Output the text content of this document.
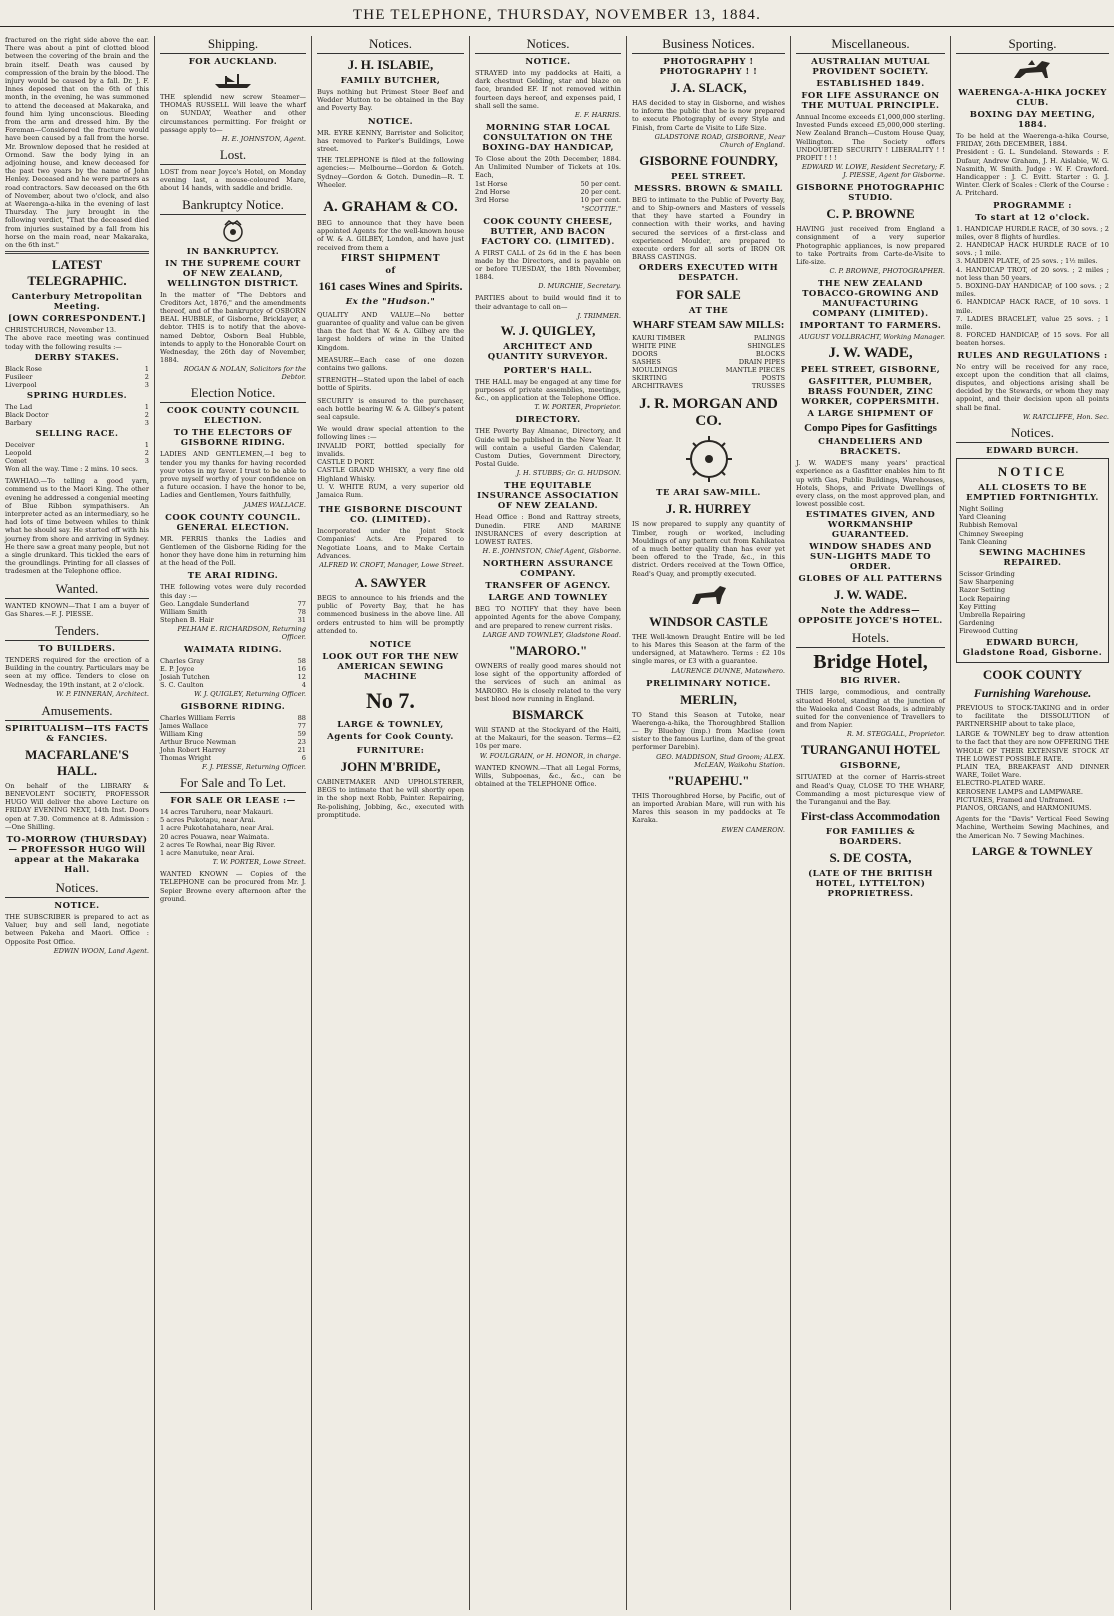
THE TELEPHONE, THURSDAY, NOVEMBER 13, 1884.

fractured on the right side above the ear. There was about a pint of clotted blood between the covering of the brain and the brain itself. Death was caused by compression of the brain by the blood. The injury would be caused by a fall. Dr. J. F. Innes deposed that on the 6th of this month, in the evening, he was summoned to attend the deceased at Makaraka, and found him lying unconscious. Bleeding from the arm and dressed him. By the Foreman—Considered the fracture would have been caused by a fall from the horse. Mr. Brownlow deposed that he resided at Ormond. Saw the body lying in an adjoining house, and knew deceased for the past two years by the name of John Henley. Deceased and he were partners as road contractors. Saw deceased on the 6th of November, about two o'clock, and also at Waerenga-a-hika in the evening of last Thursday. The jury brought in the following verdict, "That the deceased died from injuries sustained by a fall from his horse on the main road, near Makaraka, on the 6th inst."

LATEST TELEGRAPHIC.
Canterbury Metropolitan Meeting.
[OWN CORRESPONDENT.]

CHRISTCHURCH, November 13.

The above race meeting was continued today with the following results :—

DERBY STAKES.
Black Rose	1
Fusileer	2
Liverpool	3
SPRING HURDLES.
The Lad	1
Black Doctor	2
Barbary	3
SELLING RACE.
Deceiver	1
Leopold	2
Comet	3

Won all the way. Time : 2 mins. 10 secs.

TAWHIAO.—To telling a good yarn, commend us to the Maori King. The other evening he addressed a congenial meeting of Blue Ribbon sympathisers. An interpreter acted as an intermediary, so he had lots of time between whiles to think what he should say. He started off with his journey from shore and arriving in Sydney. He there saw a great many people, but not a single drunkard. This tickled the ears of the groundlings. Printing for all classes of tradesmen at the Telephone office.

Wanted.

WANTED KNOWN—That I am a buyer of Gas Shares.—F. J. PIESSE.

Tenders.
TO BUILDERS.

TENDERS required for the erection of a Building in the country. Particulars may be seen at my office. Tenders to close on Wednesday, the 19th instant, at 2 o'clock.

W. P. FINNERAN, Architect.
Amusements.
SPIRITUALISM—ITS FACTS & FANCIES.
MACFARLANE'S HALL.

On behalf of the LIBRARY & BENEVOLENT SOCIETY, PROFESSOR HUGO Will deliver the above Lecture on FRIDAY EVENING NEXT, 14th Inst. Doors open at 7.30. Commence at 8. Admission :—One Shilling.

TO-MORROW (THURSDAY)— PROFESSOR HUGO Will appear at the Makaraka Hall.
Notices.
NOTICE.

THE SUBSCRIBER is prepared to act as Valuer, buy and sell land, negotiate between Pakeha and Maori. Office : Opposite Post Office.

EDWIN WOON, Land Agent.
Shipping.
FOR AUCKLAND.

THE splendid new screw Steamer— THOMAS RUSSELL Will leave the wharf on SUNDAY, Weather and other circumstances permitting. For freight or passage apply to—

H. E. JOHNSTON, Agent.
Lost.

LOST from near Joyce's Hotel, on Monday evening last, a mouse-coloured Mare, about 14 hands, with saddle and bridle.

Bankruptcy Notice.
IN BANKRUPTCY.
IN THE SUPREME COURT OF NEW ZEALAND, WELLINGTON DISTRICT.

In the matter of "The Debtors and Creditors Act, 1876," and the amendments thereof, and of the bankruptcy of OSBORN BEAL HUBBLE, of Gisborne, Bricklayer, a debtor. THIS is to notify that the above-named Debtor, Osborn Beal Hubble, intends to apply to the Honorable Court on Wednesday, the 26th day of November, 1884.

ROGAN & NOLAN, Solicitors for the Debtor.
Election Notice.
COOK COUNTY COUNCIL ELECTION.
TO THE ELECTORS OF GISBORNE RIDING.

LADIES AND GENTLEMEN,—I beg to tender you my thanks for having recorded your votes in my favor. I trust to be able to prove myself worthy of your confidence on a future occasion. I have the honor to be, Ladies and Gentlemen, Yours faithfully,

JAMES WALLACE.
COOK COUNTY COUNCIL. GENERAL ELECTION.

MR. FERRIS thanks the Ladies and Gentlemen of the Gisborne Riding for the honor they have done him in returning him at the head of the Poll.

TE ARAI RIDING.

THE following votes were duly recorded this day :—

Geo. Langdale Sunderland	77
William Smith	78
Stephen B. Hair	31
PELHAM E. RICHARDSON, Returning Officer.
WAIMATA RIDING.
Charles Gray	58
E. P. Joyce	16
Josiah Tutchen	12
S. C. Caulton	4
W. J. QUIGLEY, Returning Officer.
GISBORNE RIDING.
Charles William Ferris	88
James Wallace	77
William King	59
Arthur Bruce Newman	23
John Robert Harrey	21
Thomas Wright	6
F. J. PIESSE, Returning Officer.
For Sale and To Let.
FOR SALE OR LEASE :—

14 acres Taruheru, near Makauri.

5 acres Pukotapu, near Arai.

1 acre Pukotahatahara, near Arai.

20 acres Pouawa, near Waimata.

2 acres Te Rowhai, near Big River.

1 acre Manutuke, near Arai.

T. W. PORTER, Lowe Street.

WANTED KNOWN — Copies of the TELEPHONE can be procured from Mr. J. Sepier Browne every afternoon after the ground.

Notices.
J. H. ISLABIE,
FAMILY BUTCHER,

Buys nothing but Primest Steer Beef and Wedder Mutton to be obtained in the Bay and Poverty Bay.

NOTICE.

MR. EYRE KENNY, Barrister and Solicitor, has removed to Parker's Buildings, Lowe street.

THE TELEPHONE is filed at the following agencies:— Melbourne—Gordon & Gotch. Sydney—Gordon & Gotch. Dunedin—R. T. Wheeler.

A. GRAHAM & CO.

BEG to announce that they have been appointed Agents for the well-known house of W. & A. GILBEY, London, and have just received from them a

FIRST SHIPMENT
of
161 cases Wines and Spirits.
Ex the "Hudson."

QUALITY AND VALUE—No better guarantee of quality and value can be given than the fact that W. & A. Gilbey are the largest holders of wine in the United Kingdom.

MEASURE—Each case of one dozen contains two gallons.

STRENGTH—Stated upon the label of each bottle of Spirits.

SECURITY is ensured to the purchaser, each bottle bearing W. & A. Gilbey's patent seal capsule.

We would draw special attention to the following lines :—

INVALID PORT, bottled specially for invalids.

CASTLE D PORT.

CASTLE GRAND WHISKY, a very fine old Highland Whisky.

U. V. WHITE RUM, a very superior old Jamaica Rum.

THE GISBORNE DISCOUNT CO. (LIMITED).

Incorporated under the Joint Stock Companies' Acts. Are Prepared to Negotiate Loans, and to Make Certain Advances.

ALFRED W. CROFT, Manager, Lowe Street.
A. SAWYER

BEGS to announce to his friends and the public of Poverty Bay, that he has commenced business in the above line. All orders entrusted to him will be promptly attended to.

NOTICE
LOOK OUT FOR THE NEW AMERICAN SEWING MACHINE
No 7.
LARGE & TOWNLEY,
Agents for Cook County.
FURNITURE:
JOHN M'BRIDE,

CABINETMAKER AND UPHOLSTERER, BEGS to intimate that he will shortly open in the shop next Robb, Painter. Repairing, Re-polishing, Jobbing, &c., executed with promptitude.

Notices.
NOTICE.

STRAYED into my paddocks at Haiti, a dark chestnut Gelding, star and blaze on face, branded EF. If not removed within fourteen days hereof, and expenses paid, I shall sell the same.

E. F. HARRIS.
MORNING STAR LOCAL CONSULTATION ON THE BOXING-DAY HANDICAP,

To Close about the 20th December, 1884. An Unlimited Number of Tickets at 10s. Each,

1st Horse	50 per cent.
2nd Horse	20 per cent.
3rd Horse	10 per cent.
"SCOTTIE."
COOK COUNTY CHEESE, BUTTER, AND BACON FACTORY CO. (LIMITED).

A FIRST CALL of 2s 6d in the £ has been made by the Directors, and is payable on or before TUESDAY, the 18th November, 1884.

D. MURCHIE, Secretary.

PARTIES about to build would find it to their advantage to call on—

J. TRIMMER.
W. J. QUIGLEY,
ARCHITECT AND QUANTITY SURVEYOR.
PORTER'S HALL.

THE HALL may be engaged at any time for purposes of private assemblies, meetings, &c., on application at the Telephone Office.

T. W. PORTER, Proprietor.
DIRECTORY.

THE Poverty Bay Almanac, Directory, and Guide will be published in the New Year. It will contain a useful Garden Calendar, Custom Duties, Government Directory, Postal Guide.

J. H. STUBBS; Gr. G. HUDSON.
THE EQUITABLE INSURANCE ASSOCIATION OF NEW ZEALAND.

Head Office : Bond and Rattray streets, Dunedin. FIRE AND MARINE INSURANCES of every description at LOWEST RATES.

H. E. JOHNSTON, Chief Agent, Gisborne.
NORTHERN ASSURANCE COMPANY.
TRANSFER OF AGENCY.
LARGE AND TOWNLEY

BEG TO NOTIFY that they have been appointed Agents for the above Company, and are prepared to renew current risks.

LARGE AND TOWNLEY, Gladstone Road.
"MARORO."

OWNERS of really good mares should not lose sight of the opportunity afforded of the services of such an animal as MARORO. He is closely related to the very best blood now running in England.

BISMARCK

Will STAND at the Stockyard of the Haiti, at the Makauri, for the season. Terms—£2 10s per mare.

W. FOULGRAIN, or H. HONOR, in charge.

WANTED KNOWN.—That all Legal Forms, Wills, Subpoenas, &c., &c., can be obtained at the TELEPHONE Office.

Business Notices.
PHOTOGRAPHY ! PHOTOGRAPHY ! !
J. A. SLACK,

HAS decided to stay in Gisborne, and wishes to inform the public that he is now prepared to execute Photography of every Style and Finish, from Carte de Visite to Life Size.

GLADSTONE ROAD, GISBORNE, Near Church of England.
GISBORNE FOUNDRY,
PEEL STREET.
MESSRS. BROWN & SMAILL

BEG to intimate to the Public of Poverty Bay, and to Ship-owners and Masters of vessels that they have started a Foundry in connection with their works, and having secured the services of a first-class and experienced Moulder, are prepared to execute orders for all sorts of IRON OR BRASS CASTINGS.

ORDERS EXECUTED WITH DESPATCH.
FOR SALE
AT THE
WHARF STEAM SAW MILLS:
KAURI TIMBER	PALINGS
WHITE PINE	SHINGLES
DOORS	BLOCKS
SASHES	DRAIN PIPES
MOULDINGS	MANTLE PIECES
SKIRTING	POSTS
ARCHITRAVES	TRUSSES
J. R. MORGAN AND CO.
TE ARAI SAW-MILL.
J. R. HURREY

IS now prepared to supply any quantity of Timber, rough or worked, including Mouldings of any pattern cut from Kahikatea of a much better quality than has ever yet been offered to the Trade, &c., in this district. Orders received at the Town Office, Read's Quay, and promptly executed.

WINDSOR CASTLE

THE Well-known Draught Entire will be led to his Mares this Season at the farm of the undersigned, at Matawhero. Terms : £2 10s single mares, or £3 with a guarantee.

LAURENCE DUNNE, Matawhero.
PRELIMINARY NOTICE.
MERLIN,

TO Stand this Season at Tutoke, near Waerenga-a-hika, the Thoroughbred Stallion— By Blueboy (imp.) from Maclise (own sister to the famous Lurline, dam of the great performer Darebin).

GEO. MADDISON, Stud Groom; ALEX. McLEAN, Waikohu Station.
"RUAPEHU."

THIS Thoroughbred Horse, by Pacific, out of an imported Arabian Mare, will run with his Mares this season in my paddocks at Te Karaka.

EWEN CAMERON.
Miscellaneous.
AUSTRALIAN MUTUAL PROVIDENT SOCIETY.
ESTABLISHED 1849.
FOR LIFE ASSURANCE ON THE MUTUAL PRINCIPLE.

Annual Income exceeds £1,000,000 sterling. Invested Funds exceed £5,000,000 sterling. New Zealand Branch—Custom House Quay, Wellington. The Society offers UNDOUBTED SECURITY ! LIBERALITY ! ! PROFIT ! ! !

EDWARD W. LOWE, Resident Secretary; F. J. PIESSE, Agent for Gisborne.
GISBORNE PHOTOGRAPHIC STUDIO.
C. P. BROWNE

HAVING just received from England a consignment of a very superior Photographic appliances, is now prepared to take Portraits from Carte-de-Visite to Life-size.

C. P. BROWNE, PHOTOGRAPHER.
THE NEW ZEALAND TOBACCO-GROWING AND MANUFACTURING COMPANY (LIMITED).
IMPORTANT TO FARMERS.
AUGUST VOLLBRACHT, Working Manager.
J. W. WADE,
PEEL STREET, GISBORNE,
GASFITTER, PLUMBER, BRASS FOUNDER, ZINC WORKER, COPPERSMITH.
A LARGE SHIPMENT OF
Compo Pipes for Gasfittings
CHANDELIERS AND BRACKETS.

J. W. WADE'S many years' practical experience as a Gasfitter enables him to fit up with Gas, Public Buildings, Warehouses, Hotels, Shops, and Private Dwellings of every class, on the most approved plan, and lowest possible cost.

ESTIMATES GIVEN, AND WORKMANSHIP GUARANTEED.
WINDOW SHADES AND SUN-LIGHTS MADE TO ORDER.
GLOBES OF ALL PATTERNS
J. W. WADE.
Note the Address— OPPOSITE JOYCE'S HOTEL.
Hotels.
Bridge Hotel,
BIG RIVER.

THIS large, commodious, and centrally situated Hotel, standing at the junction of the Waioeka and Coast Roads, is admirably suited for the convenience of Travellers to and from Napier.

R. M. STEGGALL, Proprietor.
TURANGANUI HOTEL
GISBORNE,

SITUATED at the corner of Harris-street and Read's Quay, CLOSE TO THE WHARF, Commanding a most picturesque view of the Turanganui and the Bay.

First-class Accommodation
FOR FAMILIES & BOARDERS.
S. DE COSTA,
(LATE OF THE BRITISH HOTEL, LYTTELTON) PROPRIETRESS.
Sporting.
WAERENGA-A-HIKA JOCKEY CLUB.
BOXING DAY MEETING, 1884.

To be held at the Waerenga-a-hika Course, FRIDAY, 26th DECEMBER, 1884.

President : G. L. Sundeland. Stewards : F. Dufaur, Andrew Graham, J. H. Aislabie, W. G. Nasmith, W. Smith. Judge : W. F. Crawford. Handicapper : J. C. Evitt. Starter : G. J. Winter. Clerk of Scales : Clerk of the Course : A. Pritchard.

PROGRAMME :
To start at 12 o'clock.

1. HANDICAP HURDLE RACE, of 30 sovs. ; 2 miles, over 8 flights of hurdles.

2. HANDICAP HACK HURDLE RACE of 10 sovs. ; 1 mile.

3. MAIDEN PLATE, of 25 sovs. ; 1½ miles.

4. HANDICAP TROT, of 20 sovs. ; 2 miles ; not less than 50 years.

5. BOXING-DAY HANDICAP, of 100 sovs. ; 2 miles.

6. HANDICAP HACK RACE, of 10 sovs. 1 mile.

7. LADIES BRACELET, value 25 sovs. ; 1 mile.

8. FORCED HANDICAP, of 15 sovs. For all beaten horses.

RULES AND REGULATIONS :

No entry will be received for any race, except upon the condition that all claims, disputes, and objections arising shall be decided by the Stewards, or whom they may appoint, and their decision upon all points shall be final.

W. RATCLIFFE, Hon. Sec.
Notices.
EDWARD BURCH.
NOTICE
ALL CLOSETS TO BE EMPTIED FORTNIGHTLY.

Night Soiling

Yard Cleaning

Rubbish Removal

Chimney Sweeping

Tank Cleaning

SEWING MACHINES REPAIRED.

Scissor Grinding

Saw Sharpening

Razor Setting

Lock Repairing

Key Fitting

Umbrella Repairing

Gardening

Firewood Cutting

EDWARD BURCH, Gladstone Road, Gisborne.
COOK COUNTY
Furnishing Warehouse.

PREVIOUS to STOCK-TAKING and in order to facilitate the DISSOLUTION of PARTNERSHIP about to take place,

LARGE & TOWNLEY beg to draw attention to the fact that they are now OFFERING THE WHOLE OF THEIR EXTENSIVE STOCK AT THE LOWEST POSSIBLE RATE.

PLAIN TEA, BREAKFAST AND DINNER WARE, Toilet Ware.

ELECTRO-PLATED WARE.

KEROSENE LAMPS and LAMPWARE.

PICTURES, Framed and Unframed.

PIANOS, ORGANS, and HARMONIUMS.

Agents for the "Davis" Vertical Feed Sewing Machine, Wertheim Sewing Machines, and the American No. 7 Sewing Machines.

LARGE & TOWNLEY
